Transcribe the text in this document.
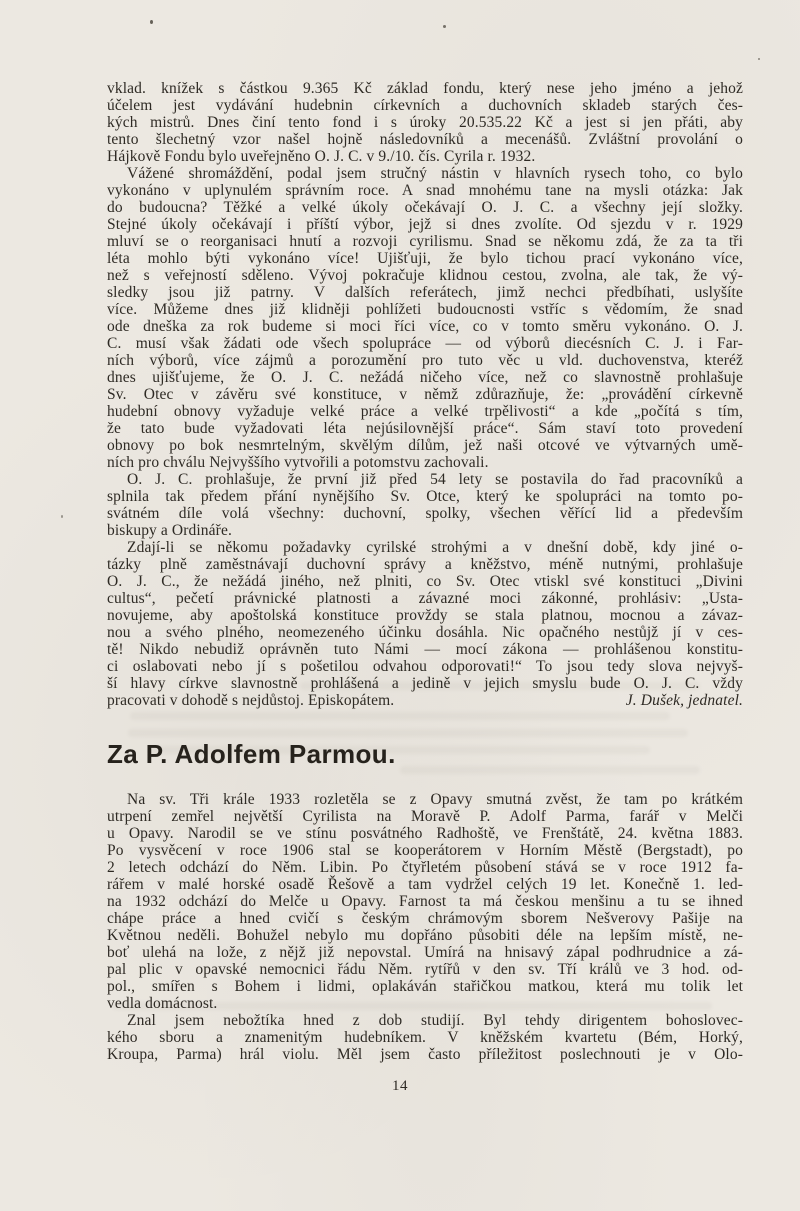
vklad. knížek s částkou 9.365 Kč základ fondu, který nese jeho jméno a jehož
účelem jest vydávání hudebnin církevních a duchovních skladeb starých čes-
kých mistrů. Dnes činí tento fond i s úroky 20.535.22 Kč a jest si jen přáti, aby
tento šlechetný vzor našel hojně následovníků a mecenášů. Zvláštní provolání o
Hájkově Fondu bylo uveřejněno O. J. C. v 9./10. čís. Cyrila r. 1932.
Vážené shromáždění, podal jsem stručný nástin v hlavních rysech toho, co bylo
vykonáno v uplynulém správním roce. A snad mnohému tane na mysli otázka: Jak
do budoucna? Těžké a velké úkoly očekávají O. J. C. a všechny její složky.
Stejné úkoly očekávají i příští výbor, jejž si dnes zvolíte. Od sjezdu v r. 1929
mluví se o reorganisaci hnutí a rozvoji cyrilismu. Snad se někomu zdá, že za ta tři
léta mohlo býti vykonáno více! Ujišťuji, že bylo tichou prací vykonáno více,
než s veřejností sděleno. Vývoj pokračuje klidnou cestou, zvolna, ale tak, že vý-
sledky jsou již patrny. V dalších referátech, jimž nechci předbíhati, uslyšíte
více. Můžeme dnes již klidněji pohlížeti budoucnosti vstříc s vědomím, že snad
ode dneška za rok budeme si moci říci více, co v tomto směru vykonáno. O. J.
C. musí však žádati ode všech spolupráce — od výborů diecésních C. J. i Far-
ních výborů, více zájmů a porozumění pro tuto věc u vld. duchovenstva, kteréž
dnes ujišťujeme, že O. J. C. nežádá ničeho více, než co slavnostně prohlašuje
Sv. Otec v závěru své konstituce, v němž zdůrazňuje, že: „provádění církevně
hudební obnovy vyžaduje velké práce a velké trpělivosti“ a kde „počítá s tím,
že tato bude vyžadovati léta nejúsilovnější práce“. Sám staví toto provedení
obnovy po bok nesmrtelným, skvělým dílům, jež naši otcové ve výtvarných umě-
ních pro chválu Nejvyššího vytvořili a potomstvu zachovali.
O. J. C. prohlašuje, že první již před 54 lety se postavila do řad pracovníků a
splnila tak předem přání nynějšího Sv. Otce, který ke spolupráci na tomto po-
svátném díle volá všechny: duchovní, spolky, všechen věřící lid a především
biskupy a Ordináře.
Zdají-li se někomu požadavky cyrilské strohými a v dnešní době, kdy jiné o-
tázky plně zaměstnávají duchovní správy a kněžstvo, méně nutnými, prohlašuje
O. J. C., že nežádá jiného, než plniti, co Sv. Otec vtiskl své konstituci „Divini
cultus“, pečetí právnické platnosti a závazné moci zákonné, prohlásiv: „Usta-
novujeme, aby apoštolská konstituce provždy se stala platnou, mocnou a závaz-
nou a svého plného, neomezeného účinku dosáhla. Nic opačného nestůjž jí v ces-
tě! Nikdo nebudiž oprávněn tuto Námi — mocí zákona — prohlášenou konstitu-
ci oslabovati nebo jí s pošetilou odvahou odporovati!“ To jsou tedy slova nejvyš-
ší hlavy církve slavnostně prohlášená a jedině v jejich smyslu bude O. J. C. vždy
pracovati v dohodě s nejdůstoj. Episkopátem.	J. Dušek, jednatel.
Za P. Adolfem Parmou.
Na sv. Tři krále 1933 rozletěla se z Opavy smutná zvěst, že tam po krátkém
utrpení zemřel největší Cyrilista na Moravě P. Adolf Parma, farář v Melči
u Opavy. Narodil se ve stínu posvátného Radhoště, ve Frenštátě, 24. května 1883.
Po vysvěcení v roce 1906 stal se kooperátorem v Horním Městě (Bergstadt), po
2 letech odchází do Něm. Libin. Po čtyřletém působení stává se v roce 1912 fa-
rářem v malé horské osadě Řešově a tam vydržel celých 19 let. Konečně 1. led-
na 1932 odchází do Melče u Opavy. Farnost ta má českou menšinu a tu se ihned
chápe práce a hned cvičí s českým chrámovým sborem Nešverovy Pašije na
Květnou neděli. Bohužel nebylo mu dopřáno působiti déle na lepším místě, ne-
boť ulehá na lože, z nějž již nepovstal. Umírá na hnisavý zápal podhrudnice a zá-
pal plic v opavské nemocnici řádu Něm. rytířů v den sv. Tří králů ve 3 hod. od-
pol., smířen s Bohem i lidmi, oplakáván stařičkou matkou, která mu tolik let
vedla domácnost.
Znal jsem nebožtíka hned z dob studijí. Byl tehdy dirigentem bohoslovec-
kého sboru a znamenitým hudebníkem. V kněžském kvartetu (Bém, Horký,
Kroupa, Parma) hrál violu. Měl jsem často příležitost poslechnouti je v Olo-
14
